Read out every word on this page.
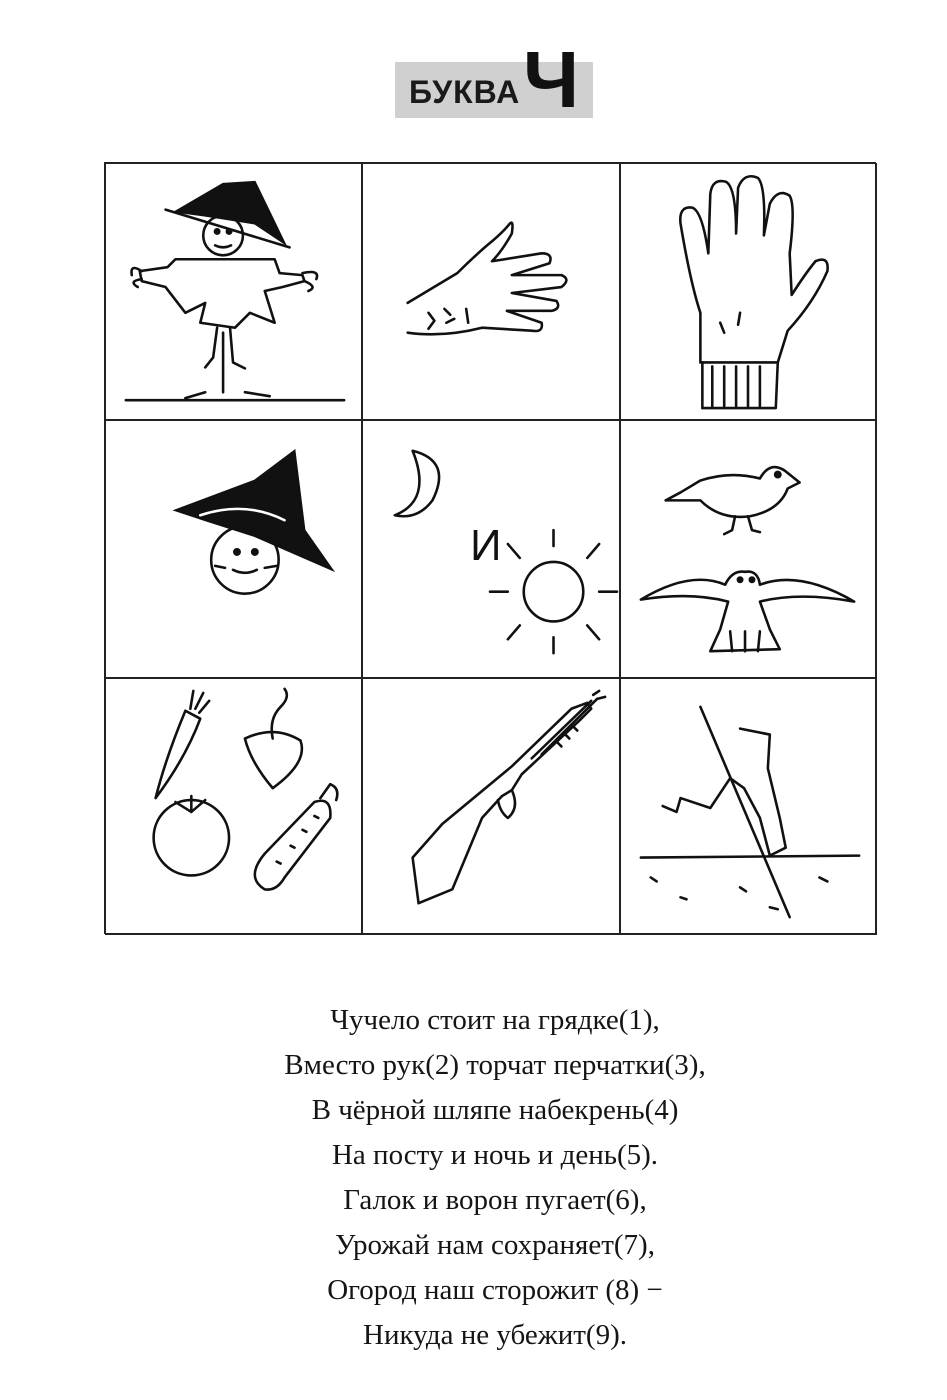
БУКВА Ч
И
Чучело стоит на грядке(1),
Вместо рук(2) торчат перчатки(3),
В чёрной шляпе набекрень(4)
На посту и ночь и день(5).
Галок и ворон пугает(6),
Урожай нам сохраняет(7),
Огород наш сторожит (8) −
Никуда не убежит(9).
